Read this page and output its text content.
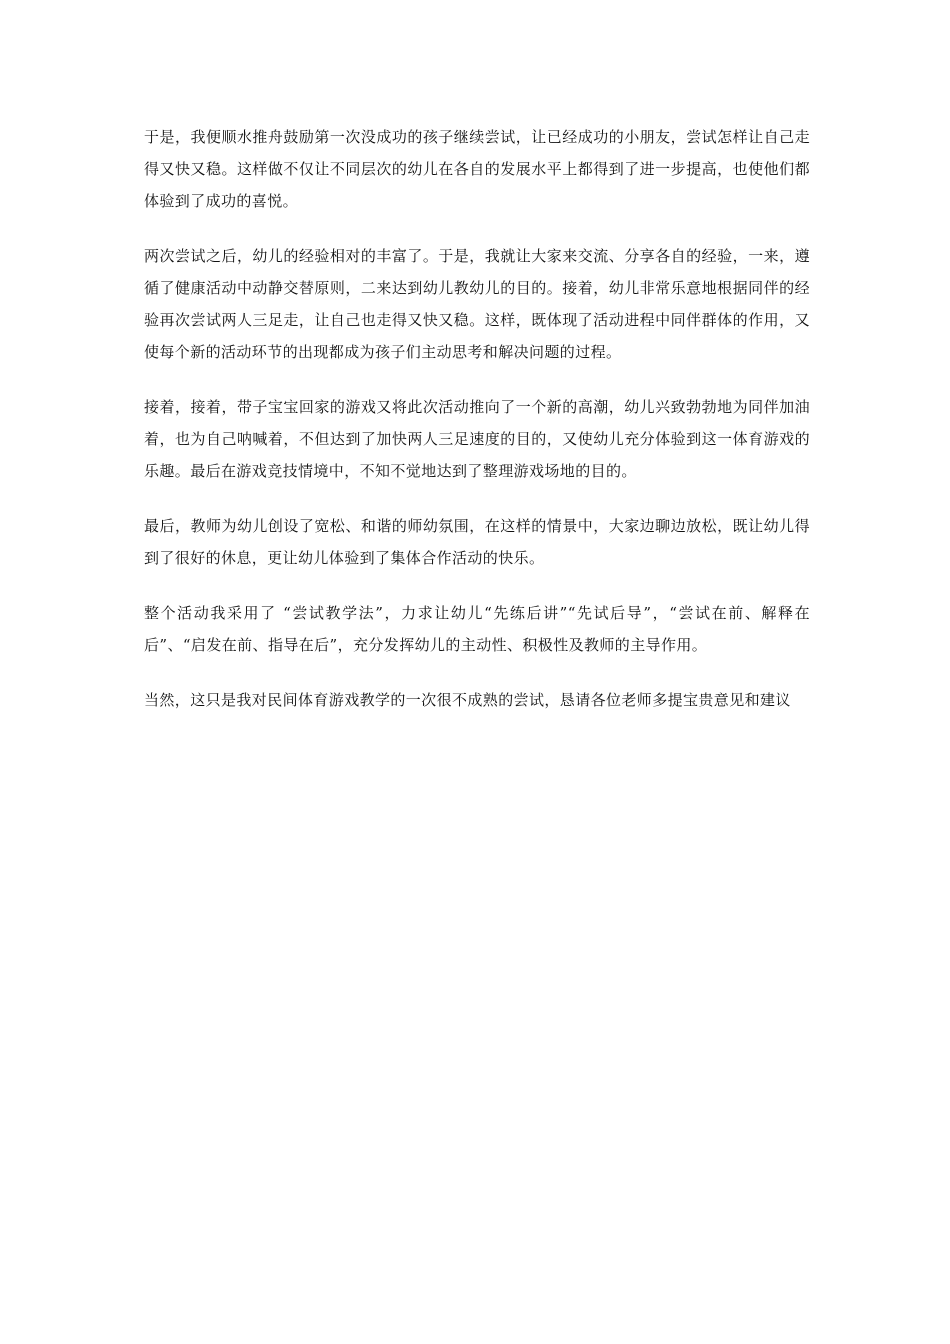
于是，我便顺水推舟鼓励第一次没成功的孩子继续尝试，让已经成功的小朋友，尝试怎样让自己走得又快又稳。这样做不仅让不同层次的幼儿在各自的发展水平上都得到了进一步提高，也使他们都体验到了成功的喜悦。

两次尝试之后，幼儿的经验相对的丰富了。于是，我就让大家来交流、分享各自的经验，一来，遵循了健康活动中动静交替原则，二来达到幼儿教幼儿的目的。接着，幼儿非常乐意地根据同伴的经验再次尝试两人三足走，让自己也走得又快又稳。这样，既体现了活动进程中同伴群体的作用，又使每个新的活动环节的出现都成为孩子们主动思考和解决问题的过程。

接着，接着，带子宝宝回家的游戏又将此次活动推向了一个新的高潮，幼儿兴致勃勃地为同伴加油着，也为自己呐喊着，不但达到了加快两人三足速度的目的，又使幼儿充分体验到这一体育游戏的乐趣。最后在游戏竞技情境中，不知不觉地达到了整理游戏场地的目的。

最后，教师为幼儿创设了宽松、和谐的师幼氛围，在这样的情景中，大家边聊边放松，既让幼儿得到了很好的休息，更让幼儿体验到了集体合作活动的快乐。

整个活动我采用了 “尝试教学法”，力求让幼儿“先练后讲”“先试后导”，“尝试在前、解释在后”、“启发在前、指导在后”，充分发挥幼儿的主动性、积极性及教师的主导作用。

当然，这只是我对民间体育游戏教学的一次很不成熟的尝试，恳请各位老师多提宝贵意见和建议
